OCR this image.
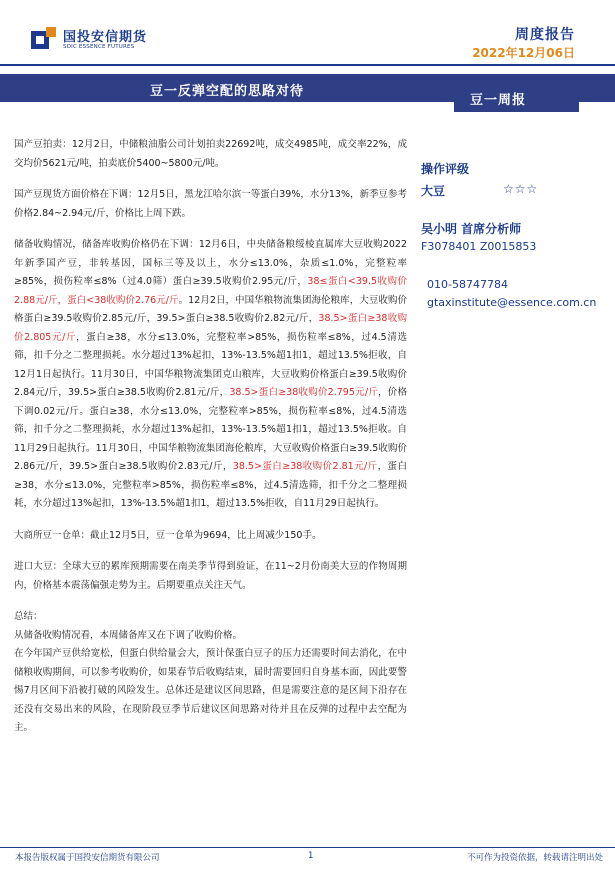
国投安信期货
SDIC ESSENCE FUTURES
周度报告
2022年12月06日
豆一反弹空配的思路对待
豆一周报

国产豆拍卖：12月2日，中储粮油脂公司计划拍卖22692吨，成交4985吨，成交率22%，成交均价5621元/吨，拍卖底价5400~5800元/吨。

国产豆现货方面价格在下调：12月5日，黑龙江哈尔滨一等蛋白39%，水分13%，新季豆参考价格2.84~2.94元/斤，价格比上周下跌。

储备收购情况，储备库收购价格仍在下调：12月6日，中央储备粮绥棱直属库大豆收购2022年新季国产豆，非转基因，国标三等及以上，水分≤13.0%，杂质≤1.0%，完整粒率≥85%，损伤粒率≤8%（过4.0筛）蛋白≥39.5收购价2.95元/斤，38≤蛋白<39.5收购价2.88元/斤，蛋白<38收购价2.76元/斤。12月2日，中国华粮物流集团海伦粮库，大豆收购价格蛋白≥39.5收购价2.85元/斤，39.5>蛋白≥38.5收购价2.82元/斤，38.5>蛋白≥38收购价2.805元/斤，蛋白≥38，水分≤13.0%，完整粒率>85%，损伤粒率≤8%，过4.5清选筛，扣千分之二整理损耗。水分超过13%起扣，13%-13.5%超1扣1，超过13.5%拒收，自12月1日起执行。11月30日，中国华粮物流集团克山粮库，大豆收购价格蛋白≥39.5收购价2.84元/斤，39.5>蛋白≥38.5收购价2.81元/斤，38.5>蛋白≥38收购价2.795元/斤，价格下调0.02元/斤。蛋白≥38，水分≤13.0%，完整粒率>85%，损伤粒率≤8%，过4.5清选筛，扣千分之二整理损耗，水分超过13%起扣，13%-13.5%超1扣1，超过13.5%拒收。自11月29日起执行。11月30日，中国华粮物流集团海伦粮库，大豆收购价格蛋白≥39.5收购价2.86元/斤，39.5>蛋白≥38.5收购价2.83元/斤，38.5>蛋白≥38收购价2.81元/斤，蛋白≥38，水分≤13.0%，完整粒率>85%，损伤粒率≤8%，过4.5清选筛，扣千分之二整理损耗，水分超过13%起扣，13%-13.5%超1扣1，超过13.5%拒收，自11月29日起执行。

大商所豆一仓单：截止12月5日，豆一仓单为9694，比上周减少150手。

进口大豆：全球大豆的累库预期需要在南美季节得到验证，在11~2月份南美大豆的作物周期内，价格基本震荡偏强走势为主。后期要重点关注天气。

总结：

从储备收购情况看，本周储备库又在下调了收购价格。

在今年国产豆供给宽松，但蛋白供给量会大，预计保蛋白豆子的压力还需要时间去消化，在中储粮收购期间，可以参考收购价，如果春节后收购结束，届时需要回归自身基本面，因此要警惕7月区间下沿被打破的风险发生。总体还是建议区间思路，但是需要注意的是区间下沿存在还没有交易出来的风险，在现阶段豆季节后建议区间思路对待并且在反弹的过程中去空配为主。

操作评级
大豆	☆☆☆
吴小明 首席分析师
F3078401 Z0015853
010-58747784
gtaxinstitute@essence.com.cn
本报告版权属于国投安信期货有限公司	1	不可作为投资依据，转载请注明出处
